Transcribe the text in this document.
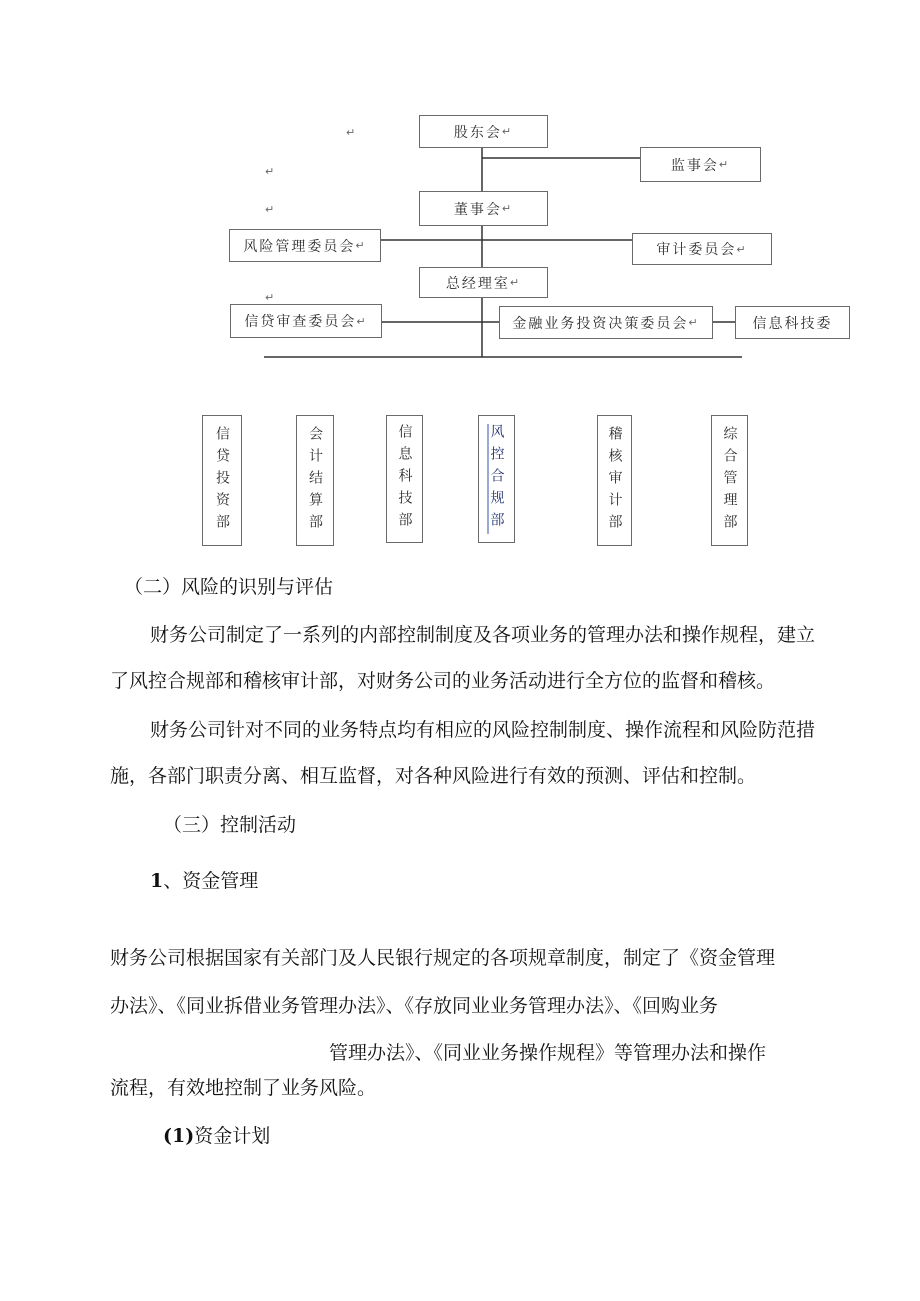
↵
↵
↵
↵
股东会 ↵
监事会 ↵
董事会 ↵
风险管理委员会 ↵	审计委员会 ↵
总经理室 ↵
信贷审查委员会 ↵	金融业务投资决策委员会 ↵	信息科技委
信贷投资部	会计结算部	信息科技部	风控合规部	稽核审计部	综合管理部
（二）风险的识别与评估
财务公司制定了一系列的内部控制制度及各项业务的管理办法和操作规程，建立
了风控合规部和稽核审计部，对财务公司的业务活动进行全方位的监督和稽核。
财务公司针对不同的业务特点均有相应的风险控制制度、操作流程和风险防范措
施，各部门职责分离、相互监督，对各种风险进行有效的预测、评估和控制。
（三）控制活动
1、资金管理
财务公司根据国家有关部门及人民银行规定的各项规章制度，制定了《资金管理
办法》、《同业拆借业务管理办法》、《存放同业业务管理办法》、《回购业务
管理办法》、《同业业务操作规程》等管理办法和操作
流程，有效地控制了业务风险。
(1)资金计划
